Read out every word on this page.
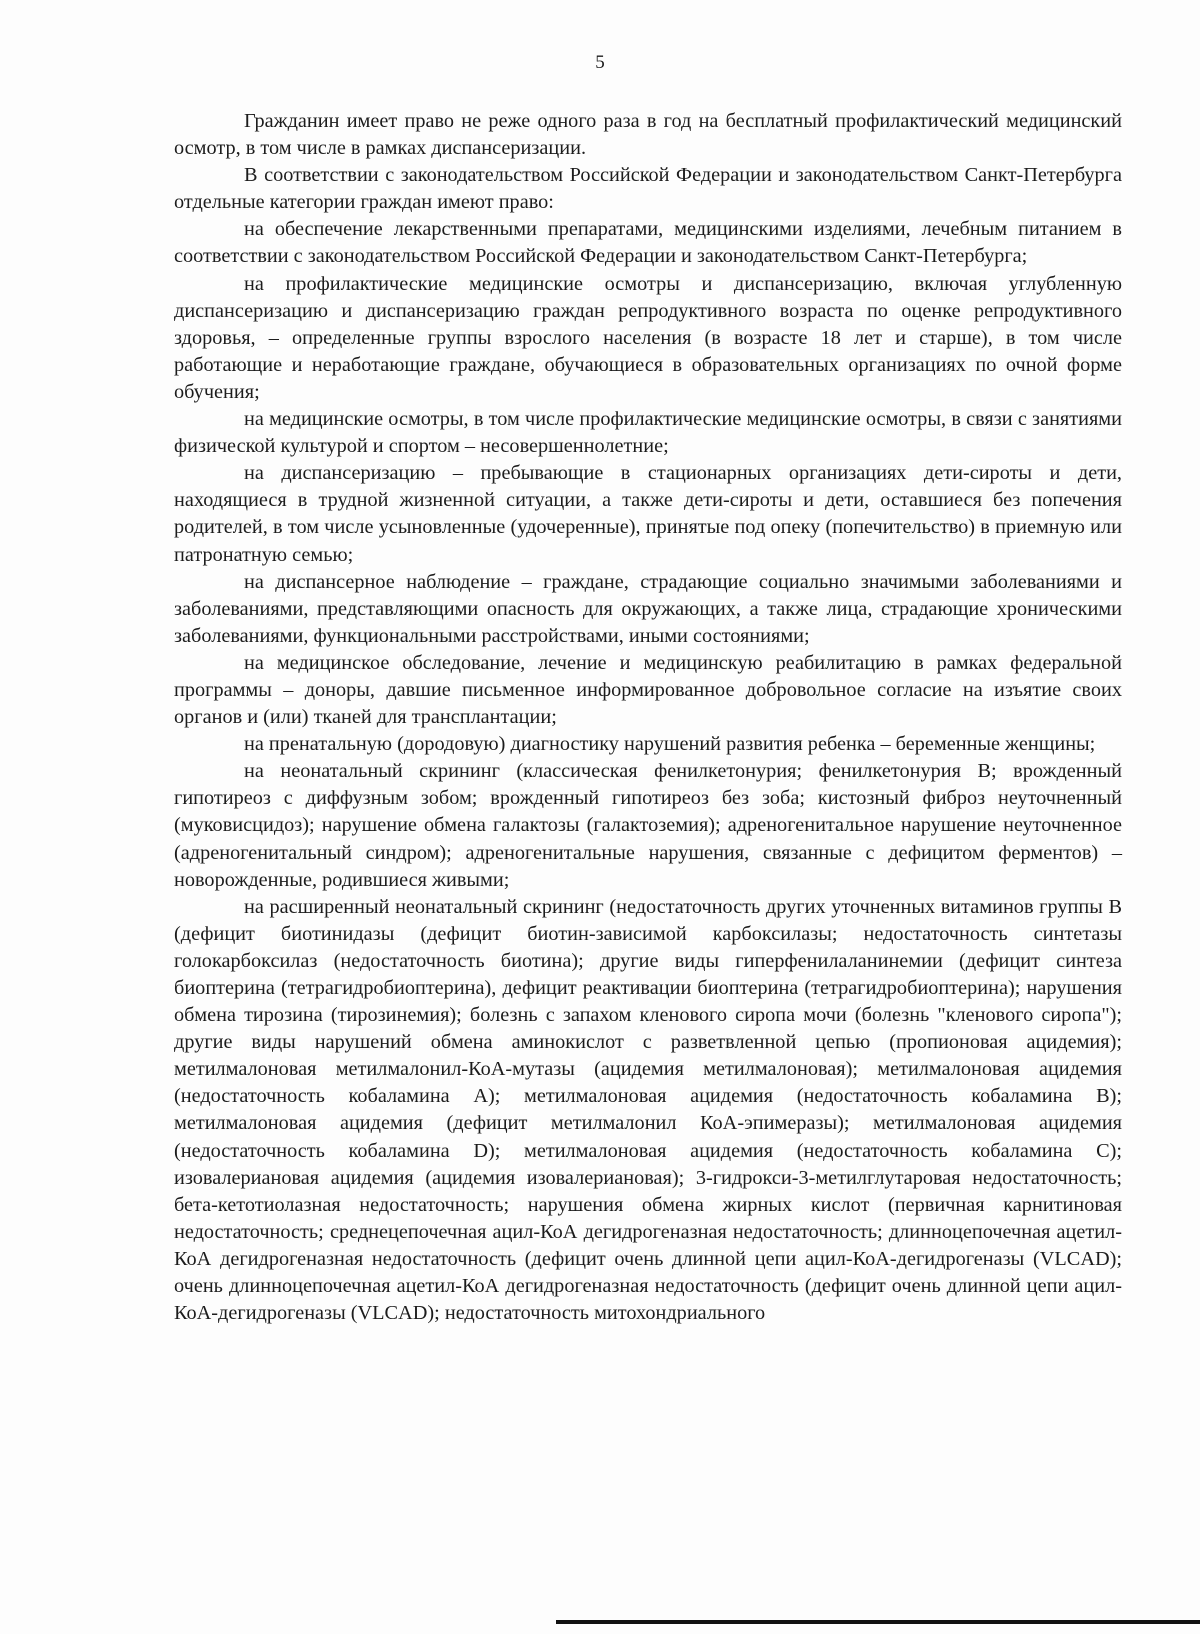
5

Гражданин имеет право не реже одного раза в год на бесплатный профилактический медицинский осмотр, в том числе в рамках диспансеризации.

В соответствии с законодательством Российской Федерации и законодательством Санкт-Петербурга отдельные категории граждан имеют право:

на обеспечение лекарственными препаратами, медицинскими изделиями, лечебным питанием в соответствии с законодательством Российской Федерации и законодательством Санкт-Петербурга;

на профилактические медицинские осмотры и диспансеризацию, включая углубленную диспансеризацию и диспансеризацию граждан репродуктивного возраста по оценке репродуктивного здоровья, – определенные группы взрослого населения (в возрасте 18 лет и старше), в том числе работающие и неработающие граждане, обучающиеся в образовательных организациях по очной форме обучения;

на медицинские осмотры, в том числе профилактические медицинские осмотры, в связи с занятиями физической культурой и спортом – несовершеннолетние;

на диспансеризацию – пребывающие в стационарных организациях дети-сироты и дети, находящиеся в трудной жизненной ситуации, а также дети-сироты и дети, оставшиеся без попечения родителей, в том числе усыновленные (удочеренные), принятые под опеку (попечительство) в приемную или патронатную семью;

на диспансерное наблюдение – граждане, страдающие социально значимыми заболеваниями и заболеваниями, представляющими опасность для окружающих, а также лица, страдающие хроническими заболеваниями, функциональными расстройствами, иными состояниями;

на медицинское обследование, лечение и медицинскую реабилитацию в рамках федеральной программы – доноры, давшие письменное информированное добровольное согласие на изъятие своих органов и (или) тканей для трансплантации;

на пренатальную (дородовую) диагностику нарушений развития ребенка – беременные женщины;

на неонатальный скрининг (классическая фенилкетонурия; фенилкетонурия B; врожденный гипотиреоз с диффузным зобом; врожденный гипотиреоз без зоба; кистозный фиброз неуточненный (муковисцидоз); нарушение обмена галактозы (галактоземия); адреногенитальное нарушение неуточненное (адреногенитальный синдром); адреногенитальные нарушения, связанные с дефицитом ферментов) – новорожденные, родившиеся живыми;

на расширенный неонатальный скрининг (недостаточность других уточненных витаминов группы B (дефицит биотинидазы (дефицит биотин-зависимой карбоксилазы; недостаточность синтетазы голокарбоксилаз (недостаточность биотина); другие виды гиперфенилаланинемии (дефицит синтеза биоптерина (тетрагидробиоптерина), дефицит реактивации биоптерина (тетрагидробиоптерина); нарушения обмена тирозина (тирозинемия); болезнь с запахом кленового сиропа мочи (болезнь "кленового сиропа"); другие виды нарушений обмена аминокислот с разветвленной цепью (пропионовая ацидемия); метилмалоновая метилмалонил-КоА-мутазы (ацидемия метилмалоновая); метилмалоновая ацидемия (недостаточность кобаламина A); метилмалоновая ацидемия (недостаточность кобаламина B); метилмалоновая ацидемия (дефицит метилмалонил КоА-эпимеразы); метилмалоновая ацидемия (недостаточность кобаламина D); метилмалоновая ацидемия (недостаточность кобаламина C); изовалериановая ацидемия (ацидемия изовалериановая); 3-гидрокси-3-метилглутаровая недостаточность; бета-кетотиолазная недостаточность; нарушения обмена жирных кислот (первичная карнитиновая недостаточность; среднецепочечная ацил-КоА дегидрогеназная недостаточность; длинноцепочечная ацетил-КоА дегидрогеназная недостаточность (дефицит очень длинной цепи ацил-КоА-дегидрогеназы (VLCAD); очень длинноцепочечная ацетил-КоА дегидрогеназная недостаточность (дефицит очень длинной цепи ацил-КоА-дегидрогеназы (VLCAD); недостаточность митохондриального
